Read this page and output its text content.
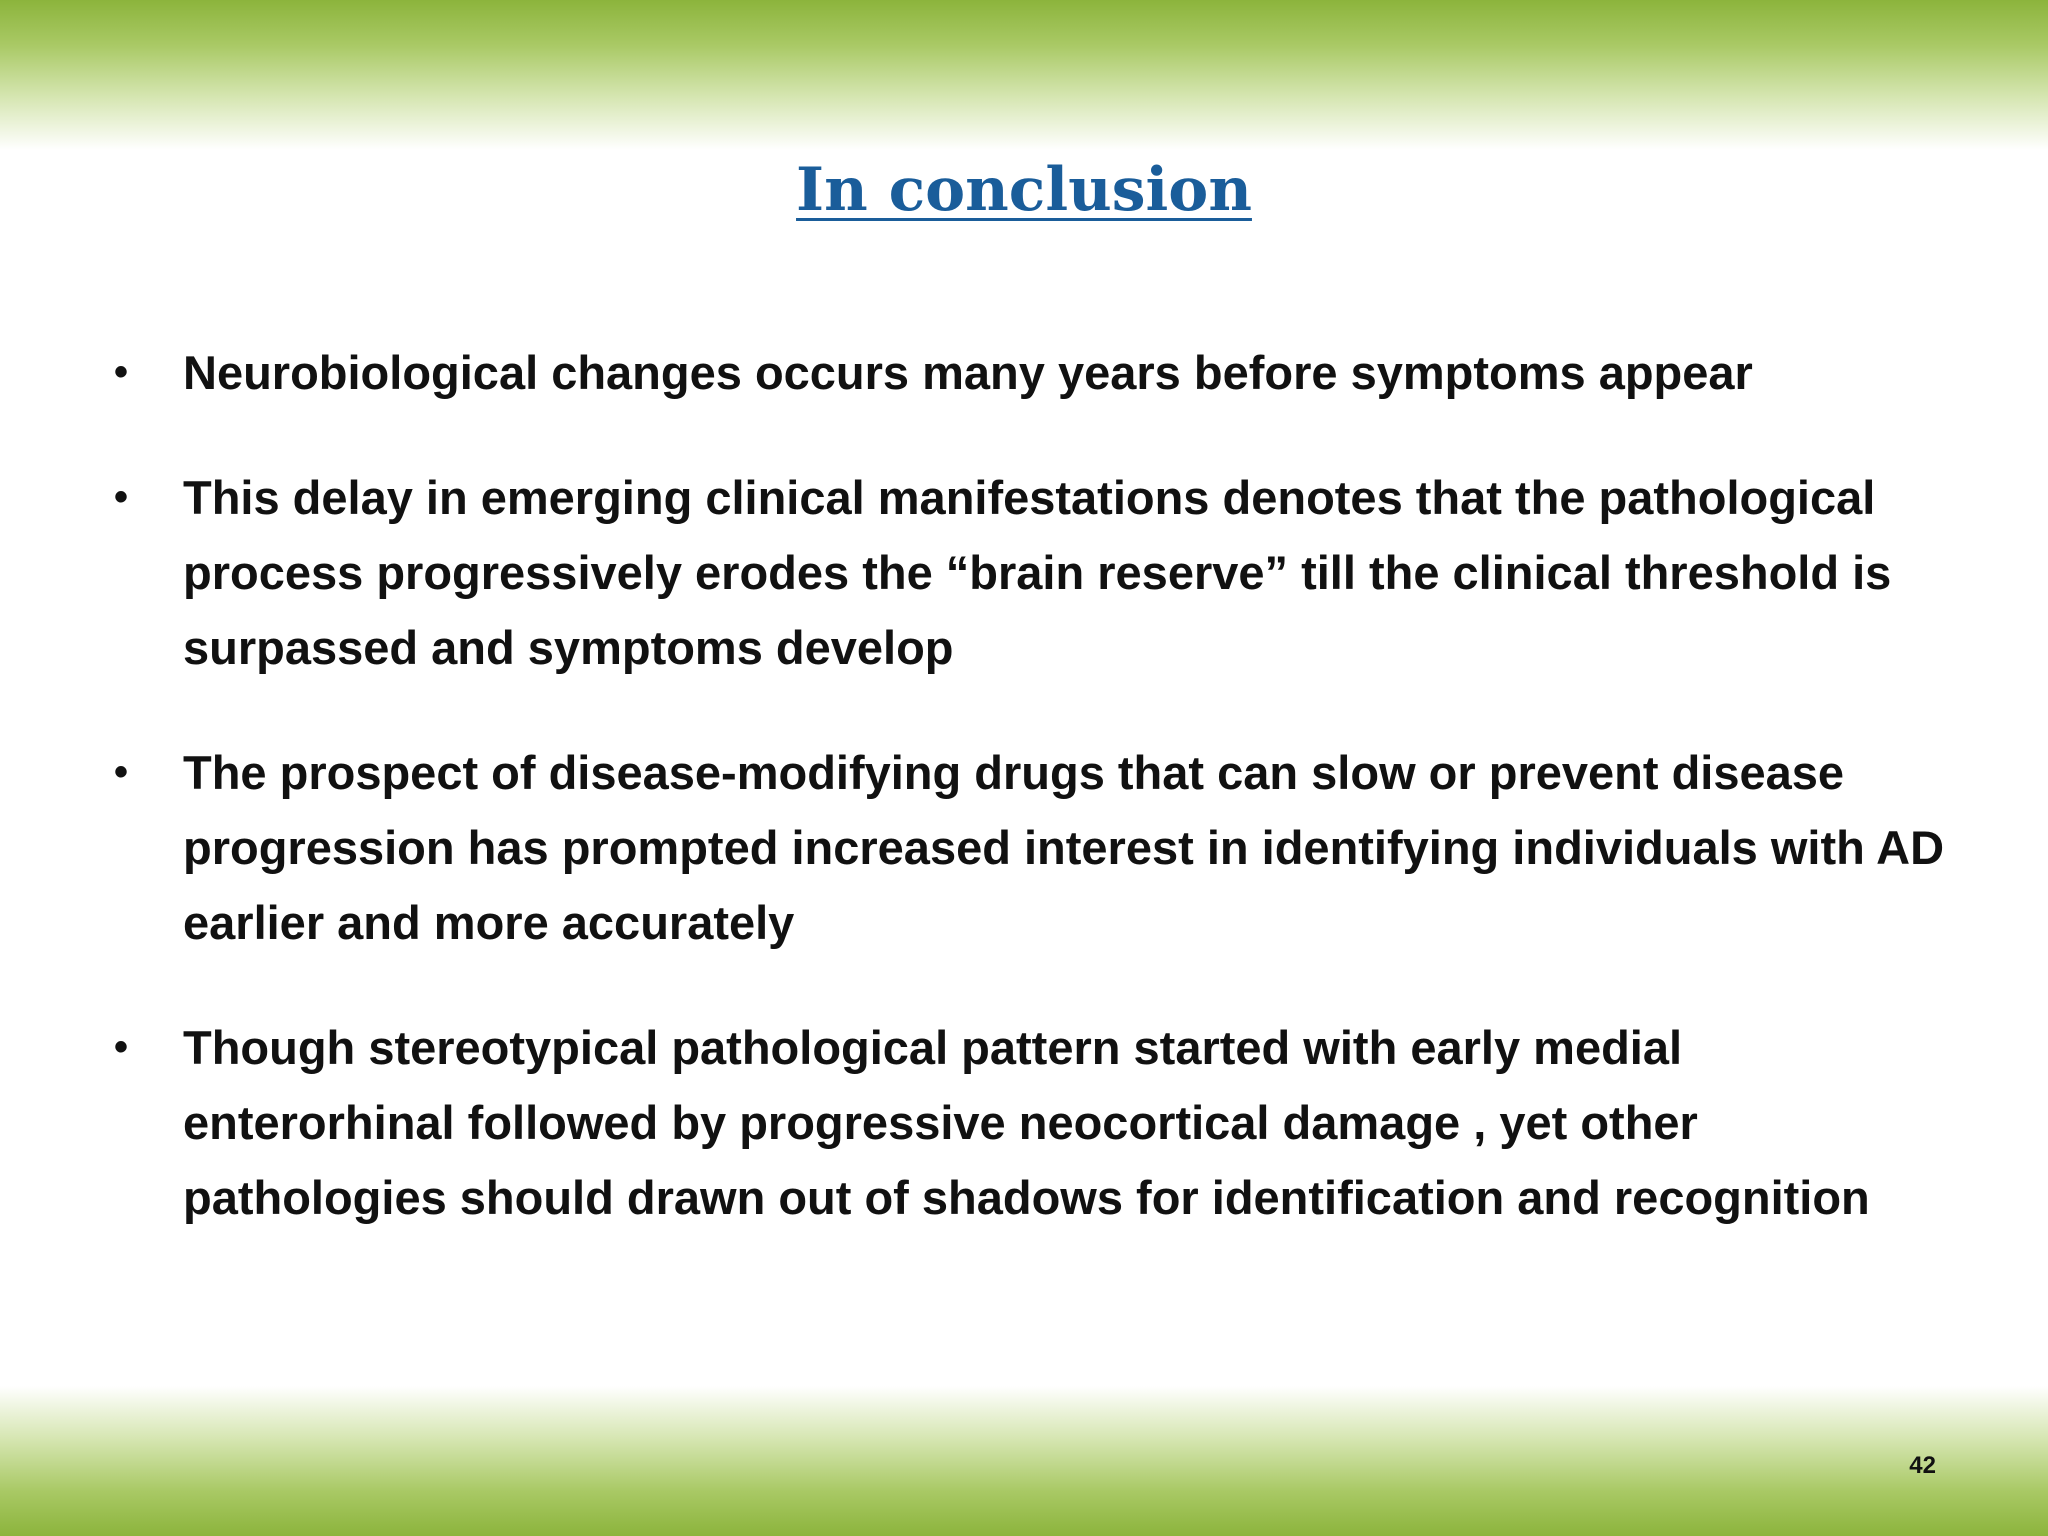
In conclusion
• Neurobiological changes occurs many years before symptoms appear
• This delay in emerging clinical manifestations denotes that the pathological process progressively erodes the “brain reserve” till the clinical threshold is surpassed and symptoms develop
• The prospect of disease-modifying drugs that can slow or prevent disease progression has prompted increased interest in identifying individuals with AD earlier and more accurately
• Though stereotypical pathological pattern started with early medial enterorhinal followed by progressive neocortical damage , yet other pathologies should drawn out of shadows for identification and recognition
42
